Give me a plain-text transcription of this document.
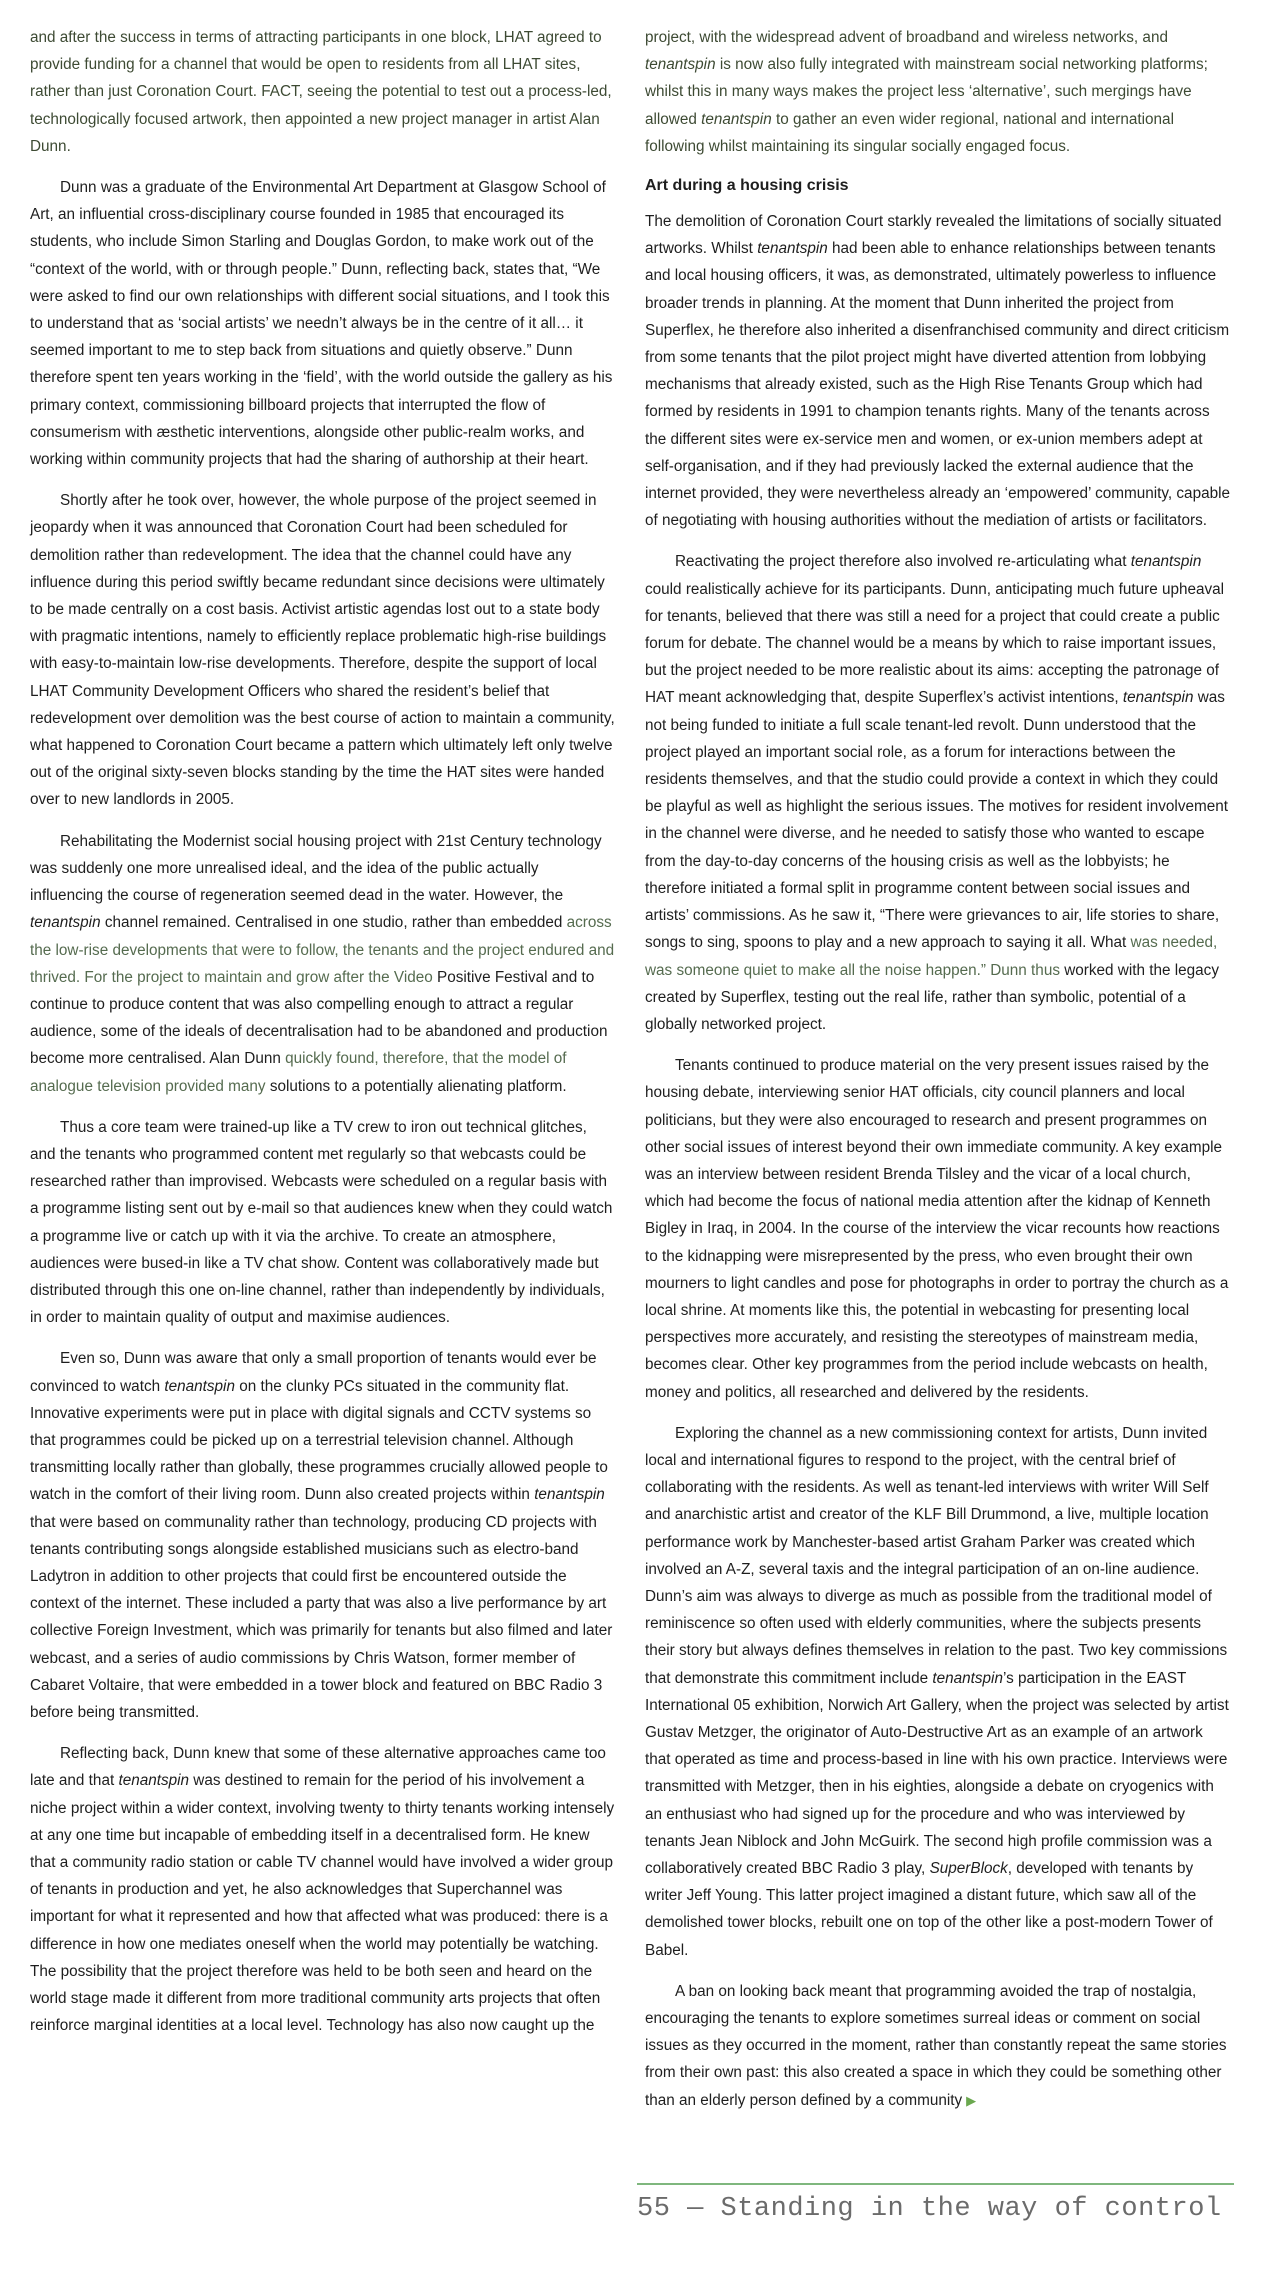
and after the success in terms of attracting participants in one block, LHAT agreed to provide funding for a channel that would be open to residents from all LHAT sites, rather than just Coronation Court. FACT, seeing the potential to test out a process-led, technologically focused artwork, then appointed a new project manager in artist Alan Dunn.

Dunn was a graduate of the Environmental Art Department at Glasgow School of Art, an influential cross-disciplinary course founded in 1985 that encouraged its students, who include Simon Starling and Douglas Gordon, to make work out of the “context of the world, with or through people.” Dunn, reflecting back, states that, “We were asked to find our own relationships with different social situations, and I took this to understand that as ‘social artists’ we needn’t always be in the centre of it all… it seemed important to me to step back from situations and quietly observe.” Dunn therefore spent ten years working in the ‘field’, with the world outside the gallery as his primary context, commissioning billboard projects that interrupted the flow of consumerism with æsthetic interventions, alongside other public-realm works, and working within community projects that had the sharing of authorship at their heart.

Shortly after he took over, however, the whole purpose of the project seemed in jeopardy when it was announced that Coronation Court had been scheduled for demolition rather than redevelopment. The idea that the channel could have any influence during this period swiftly became redundant since decisions were ultimately to be made centrally on a cost basis. Activist artistic agendas lost out to a state body with pragmatic intentions, namely to efficiently replace problematic high-rise buildings with easy-to-maintain low-rise developments. Therefore, despite the support of local LHAT Community Development Officers who shared the resident’s belief that redevelopment over demolition was the best course of action to maintain a community, what happened to Coronation Court became a pattern which ultimately left only twelve out of the original sixty-seven blocks standing by the time the HAT sites were handed over to new landlords in 2005.

Rehabilitating the Modernist social housing project with 21st Century technology was suddenly one more unrealised ideal, and the idea of the public actually influencing the course of regeneration seemed dead in the water. However, the tenantspin channel remained. Centralised in one studio, rather than embedded across the low-rise developments that were to follow, the tenants and the project endured and thrived. For the project to maintain and grow after the Video Positive Festival and to continue to produce content that was also compelling enough to attract a regular audience, some of the ideals of decentralisation had to be abandoned and production become more centralised. Alan Dunn quickly found, therefore, that the model of analogue television provided many solutions to a potentially alienating platform.

Thus a core team were trained-up like a TV crew to iron out technical glitches, and the tenants who programmed content met regularly so that webcasts could be researched rather than improvised. Webcasts were scheduled on a regular basis with a programme listing sent out by e-mail so that audiences knew when they could watch a programme live or catch up with it via the archive. To create an atmosphere, audiences were bused-in like a TV chat show. Content was collaboratively made but distributed through this one on-line channel, rather than independently by individuals, in order to maintain quality of output and maximise audiences.

Even so, Dunn was aware that only a small proportion of tenants would ever be convinced to watch tenantspin on the clunky PCs situated in the community flat. Innovative experiments were put in place with digital signals and CCTV systems so that programmes could be picked up on a terrestrial television channel. Although transmitting locally rather than globally, these programmes crucially allowed people to watch in the comfort of their living room. Dunn also created projects within tenantspin that were based on communality rather than technology, producing CD projects with tenants contributing songs alongside established musicians such as electro-band Ladytron in addition to other projects that could first be encountered outside the context of the internet. These included a party that was also a live performance by art collective Foreign Investment, which was primarily for tenants but also filmed and later webcast, and a series of audio commissions by Chris Watson, former member of Cabaret Voltaire, that were embedded in a tower block and featured on BBC Radio 3 before being transmitted.

Reflecting back, Dunn knew that some of these alternative approaches came too late and that tenantspin was destined to remain for the period of his involvement a niche project within a wider context, involving twenty to thirty tenants working intensely at any one time but incapable of embedding itself in a decentralised form. He knew that a community radio station or cable TV channel would have involved a wider group of tenants in production and yet, he also acknowledges that Superchannel was important for what it represented and how that affected what was produced: there is a difference in how one mediates oneself when the world may potentially be watching. The possibility that the project therefore was held to be both seen and heard on the world stage made it different from more traditional community arts projects that often reinforce marginal identities at a local level. Technology has also now caught up the

project, with the widespread advent of broadband and wireless networks, and tenantspin is now also fully integrated with mainstream social networking platforms; whilst this in many ways makes the project less ‘alternative’, such mergings have allowed tenantspin to gather an even wider regional, national and international following whilst maintaining its singular socially engaged focus.

Art during a housing crisis

The demolition of Coronation Court starkly revealed the limitations of socially situated artworks. Whilst tenantspin had been able to enhance relationships between tenants and local housing officers, it was, as demonstrated, ultimately powerless to influence broader trends in planning. At the moment that Dunn inherited the project from Superflex, he therefore also inherited a disenfranchised community and direct criticism from some tenants that the pilot project might have diverted attention from lobbying mechanisms that already existed, such as the High Rise Tenants Group which had formed by residents in 1991 to champion tenants rights. Many of the tenants across the different sites were ex-service men and women, or ex-union members adept at self-organisation, and if they had previously lacked the external audience that the internet provided, they were nevertheless already an ‘empowered’ community, capable of negotiating with housing authorities without the mediation of artists or facilitators.

Reactivating the project therefore also involved re-articulating what tenantspin could realistically achieve for its participants. Dunn, anticipating much future upheaval for tenants, believed that there was still a need for a project that could create a public forum for debate. The channel would be a means by which to raise important issues, but the project needed to be more realistic about its aims: accepting the patronage of HAT meant acknowledging that, despite Superflex’s activist intentions, tenantspin was not being funded to initiate a full scale tenant-led revolt. Dunn understood that the project played an important social role, as a forum for interactions between the residents themselves, and that the studio could provide a context in which they could be playful as well as highlight the serious issues. The motives for resident involvement in the channel were diverse, and he needed to satisfy those who wanted to escape from the day-to-day concerns of the housing crisis as well as the lobbyists; he therefore initiated a formal split in programme content between social issues and artists’ commissions. As he saw it, “There were grievances to air, life stories to share, songs to sing, spoons to play and a new approach to saying it all. What was needed, was someone quiet to make all the noise happen.” Dunn thus worked with the legacy created by Superflex, testing out the real life, rather than symbolic, potential of a globally networked project.

Tenants continued to produce material on the very present issues raised by the housing debate, interviewing senior HAT officials, city council planners and local politicians, but they were also encouraged to research and present programmes on other social issues of interest beyond their own immediate community. A key example was an interview between resident Brenda Tilsley and the vicar of a local church, which had become the focus of national media attention after the kidnap of Kenneth Bigley in Iraq, in 2004. In the course of the interview the vicar recounts how reactions to the kidnapping were misrepresented by the press, who even brought their own mourners to light candles and pose for photographs in order to portray the church as a local shrine. At moments like this, the potential in webcasting for presenting local perspectives more accurately, and resisting the stereotypes of mainstream media, becomes clear. Other key programmes from the period include webcasts on health, money and politics, all researched and delivered by the residents.

Exploring the channel as a new commissioning context for artists, Dunn invited local and international figures to respond to the project, with the central brief of collaborating with the residents. As well as tenant-led interviews with writer Will Self and anarchistic artist and creator of the KLF Bill Drummond, a live, multiple location performance work by Manchester-based artist Graham Parker was created which involved an A-Z, several taxis and the integral participation of an on-line audience. Dunn’s aim was always to diverge as much as possible from the traditional model of reminiscence so often used with elderly communities, where the subjects presents their story but always defines themselves in relation to the past. Two key commissions that demonstrate this commitment include tenantspin’s participation in the EAST International 05 exhibition, Norwich Art Gallery, when the project was selected by artist Gustav Metzger, the originator of Auto-Destructive Art as an example of an artwork that operated as time and process-based in line with his own practice. Interviews were transmitted with Metzger, then in his eighties, alongside a debate on cryogenics with an enthusiast who had signed up for the procedure and who was interviewed by tenants Jean Niblock and John McGuirk. The second high profile commission was a collaboratively created BBC Radio 3 play, SuperBlock, developed with tenants by writer Jeff Young. This latter project imagined a distant future, which saw all of the demolished tower blocks, rebuilt one on top of the other like a post-modern Tower of Babel.

A ban on looking back meant that programming avoided the trap of nostalgia, encouraging the tenants to explore sometimes surreal ideas or comment on social issues as they occurred in the moment, rather than constantly repeat the same stories from their own past: this also created a space in which they could be something other than an elderly person defined by a community ▶

55 — Standing in the way of control
